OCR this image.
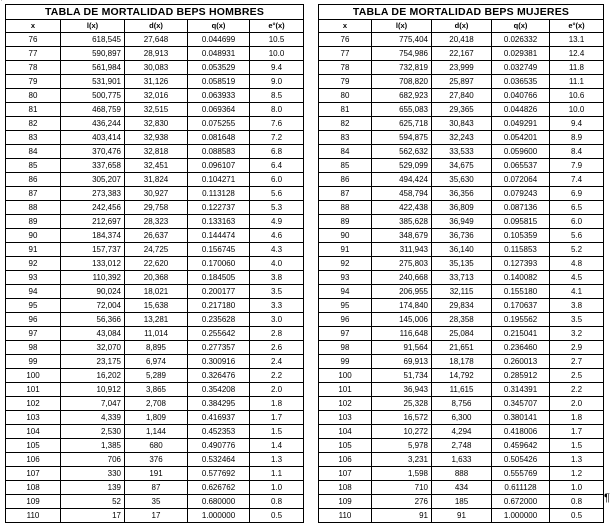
'
TABLA DE MORTALIDAD BEPS HOMBRES				
x	l(x)	d(x)	q(x)	e°(x)
76	618,545	27,648	0.044699	10.5
77	590,897	28,913	0.048931	10.0
78	561,984	30,083	0.053529	9.4
79	531,901	31,126	0.058519	9.0
80	500,775	32,016	0.063933	8.5
81	468,759	32,515	0.069364	8.0
82	436,244	32,830	0.075255	7.6
83	403,414	32,938	0.081648	7.2
84	370,476	32,818	0.088583	6.8
85	337,658	32,451	0.096107	6.4
86	305,207	31,824	0.104271	6.0
87	273,383	30,927	0.113128	5.6
88	242,456	29,758	0.122737	5.3
89	212,697	28,323	0.133163	4.9
90	184,374	26,637	0.144474	4.6
91	157,737	24,725	0.156745	4.3
92	133,012	22,620	0.170060	4.0
93	110,392	20,368	0.184505	3.8
94	90,024	18,021	0.200177	3.5
95	72,004	15,638	0.217180	3.3
96	56,366	13,281	0.235628	3.0
97	43,084	11,014	0.255642	2.8
98	32,070	8,895	0.277357	2.6
99	23,175	6,974	0.300916	2.4
100	16,202	5,289	0.326476	2.2
101	10,912	3,865	0.354208	2.0
102	7,047	2,708	0.384295	1.8
103	4,339	1,809	0.416937	1.7
104	2,530	1,144	0.452353	1.5
105	1,385	680	0.490776	1.4
106	706	376	0.532464	1.3
107	330	191	0.577692	1.1
108	139	87	0.626762	1.0
109	52	35	0.680000	0.8
110	17	17	1.000000	0.5
TABLA DE MORTALIDAD BEPS MUJERES				
x	l(x)	d(x)	q(x)	e°(x)
76	775,404	20,418	0.026332	13.1
77	754,986	22,167	0.029381	12.4
78	732,819	23,999	0.032749	11.8
79	708,820	25,897	0.036535	11.1
80	682,923	27,840	0.040766	10.6
81	655,083	29,365	0.044826	10.0
82	625,718	30,843	0.049291	9.4
83	594,875	32,243	0.054201	8.9
84	562,632	33,533	0.059600	8.4
85	529,099	34,675	0.065537	7.9
86	494,424	35,630	0.072064	7.4
87	458,794	36,356	0.079243	6.9
88	422,438	36,809	0.087136	6.5
89	385,628	36,949	0.095815	6.0
90	348,679	36,736	0.105359	5.6
91	311,943	36,140	0.115853	5.2
92	275,803	35,135	0.127393	4.8
93	240,668	33,713	0.140082	4.5
94	206,955	32,115	0.155180	4.1
95	174,840	29,834	0.170637	3.8
96	145,006	28,358	0.195562	3.5
97	116,648	25,084	0.215041	3.2
98	91,564	21,651	0.236460	2.9
99	69,913	18,178	0.260013	2.7
100	51,734	14,792	0.285912	2.5
101	36,943	11,615	0.314391	2.2
102	25,328	8,756	0.345707	2.0
103	16,572	6,300	0.380141	1.8
104	10,272	4,294	0.418006	1.7
105	5,978	2,748	0.459642	1.5
106	3,231	1,633	0.505426	1.3
107	1,598	888	0.555769	1.2
108	710	434	0.611128	1.0
109	276	185	0.672000	0.8
110	91	91	1.000000	0.5
¶
